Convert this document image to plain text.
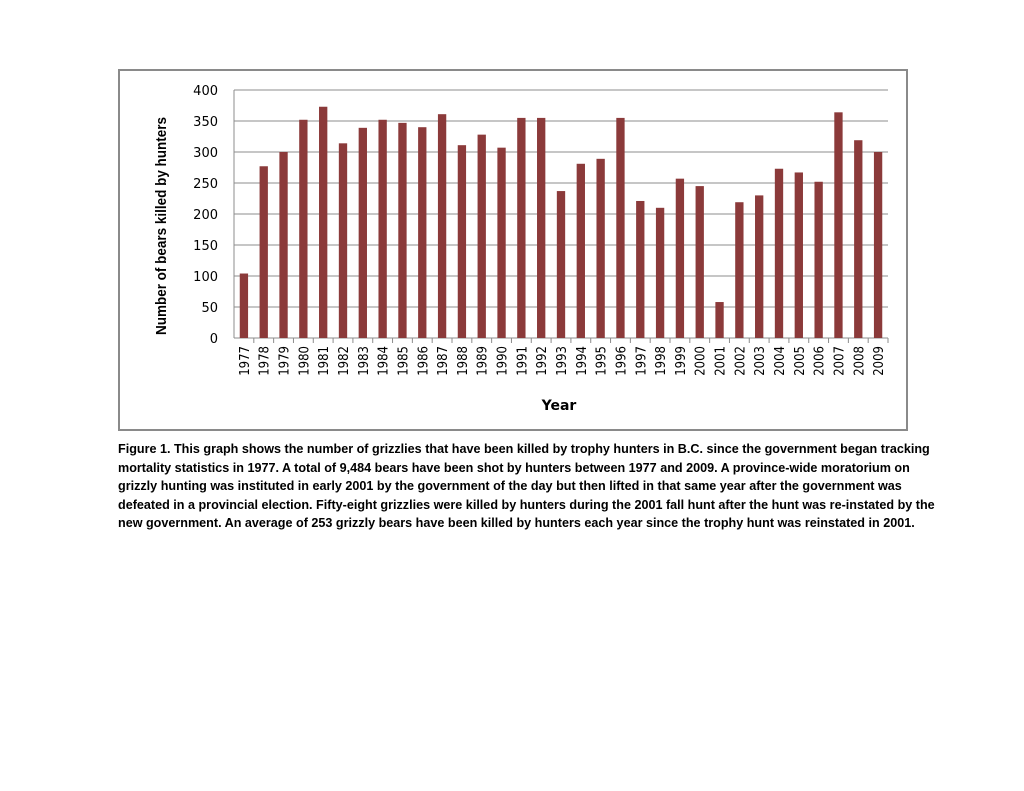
0
50
100
150
200
250
300
350
400
1977 1978 1979 1980 1981 1982 1983 1984 1985 1986 1987 1988 1989 1990 1991 1992 1993 1994 1995 1996 1997 1998 1999 2000 2001 2002 2003 2004 2005 2006 2007 2008 2009
Number of bears killed by hunters
Year

Figure 1. This graph shows the number of grizzlies that have been killed by trophy hunters in B.C. since the government began tracking mortality statistics in 1977. A total of 9,484 bears have been shot by hunters between 1977 and 2009. A province-wide moratorium on grizzly hunting was instituted in early 2001 by the government of the day but then lifted in that same year after the government was defeated in a provincial election. Fifty-eight grizzlies were killed by hunters during the 2001 fall hunt after the hunt was re-instated by the new government. An average of 253 grizzly bears have been killed by hunters each year since the trophy hunt was reinstated in 2001.
